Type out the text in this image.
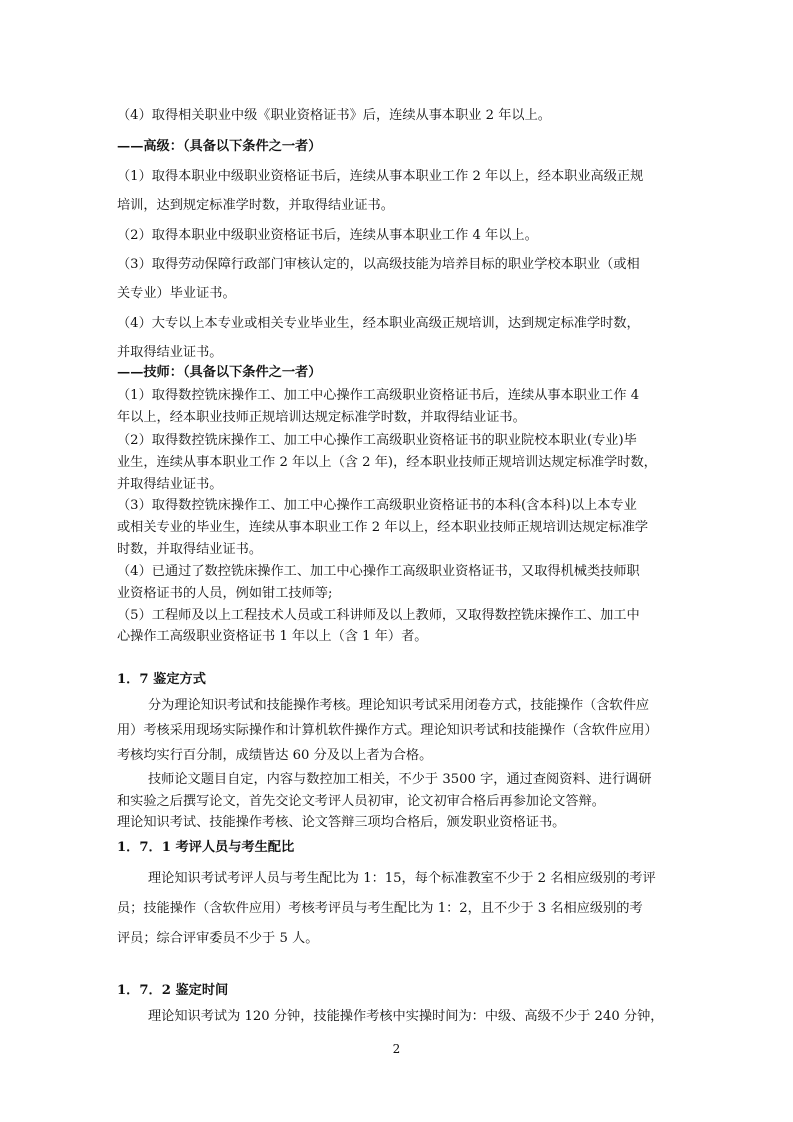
（4）取得相关职业中级《职业资格证书》后，连续从事本职业 2 年以上。
——高级：（具备以下条件之一者）
（1）取得本职业中级职业资格证书后，连续从事本职业工作 2 年以上，经本职业高级正规
培训，达到规定标准学时数，并取得结业证书。
（2）取得本职业中级职业资格证书后，连续从事本职业工作 4 年以上。
（3）取得劳动保障行政部门审核认定的，以高级技能为培养目标的职业学校本职业（或相
关专业）毕业证书。
（4）大专以上本专业或相关专业毕业生，经本职业高级正规培训，达到规定标准学时数，
并取得结业证书。
——技师：（具备以下条件之一者）
（1）取得数控铣床操作工、加工中心操作工高级职业资格证书后，连续从事本职业工作 4
年以上，经本职业技师正规培训达规定标准学时数，并取得结业证书。
（2）取得数控铣床操作工、加工中心操作工高级职业资格证书的职业院校本职业(专业)毕
业生，连续从事本职业工作 2 年以上（含 2 年)，经本职业技师正规培训达规定标准学时数，
并取得结业证书。
（3）取得数控铣床操作工、加工中心操作工高级职业资格证书的本科(含本科)以上本专业
或相关专业的毕业生，连续从事本职业工作 2 年以上，经本职业技师正规培训达规定标准学
时数，并取得结业证书。
（4）已通过了数控铣床操作工、加工中心操作工高级职业资格证书，又取得机械类技师职
业资格证书的人员，例如钳工技师等;
（5）工程师及以上工程技术人员或工科讲师及以上教师，又取得数控铣床操作工、加工中
心操作工高级职业资格证书 1 年以上（含 1 年）者。
1．7 鉴定方式
分为理论知识考试和技能操作考核。理论知识考试采用闭卷方式，技能操作（含软件应
用）考核采用现场实际操作和计算机软件操作方式。理论知识考试和技能操作（含软件应用）
考核均实行百分制，成绩皆达 60 分及以上者为合格。
技师论文题目自定，内容与数控加工相关，不少于 3500 字，通过查阅资料、进行调研
和实验之后撰写论文，首先交论文考评人员初审，论文初审合格后再参加论文答辩。
理论知识考试、技能操作考核、论文答辩三项均合格后，颁发职业资格证书。
1．7．1 考评人员与考生配比
理论知识考试考评人员与考生配比为 1：15，每个标准教室不少于 2 名相应级别的考评
员；技能操作（含软件应用）考核考评员与考生配比为 1：2，且不少于 3 名相应级别的考
评员；综合评审委员不少于 5 人。
1．7．2 鉴定时间
理论知识考试为 120 分钟，技能操作考核中实操时间为：中级、高级不少于 240 分钟，
2
